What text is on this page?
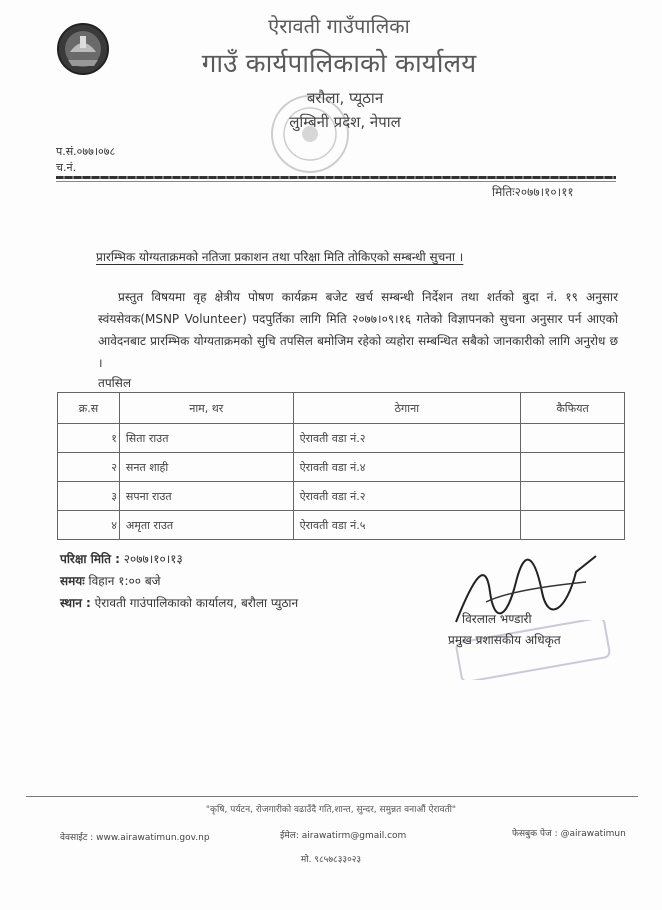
ऐरावती गाउँपालिका
गाउँ कार्यपालिकाको कार्यालय
बरौला, प्यूठान
लुम्बिनी प्रदेश, नेपाल
प.सं.०७७।०७८
च.नं.
मितिः२०७७।१०।११
प्रारम्भिक योग्यताक्रमको नतिजा प्रकाशन तथा परिक्षा मिति तोकिएको सम्बन्धी सुचना ।
प्रस्तुत विषयमा वृह क्षेत्रीय पोषण कार्यक्रम बजेट खर्च सम्बन्धी निर्देशन तथा शर्तको बुदा नं. १९ अनुसार स्वंयसेवक(MSNP Volunteer) पदपुर्तिका लागि मिति २०७७।०९।१६ गतेको विज्ञापनको सुचना अनुसार पर्न आएको आवेदनबाट प्रारम्भिक योग्यताक्रमको सुचि तपसिल बमोजिम रहेको व्यहोरा सम्बन्धित सबैको जानकारीको लागि अनुरोध छ ।
तपसिल
क्र.स	नाम, थर	ठेगाना	कैफियत
१	सिता राउत	ऐरावती वडा नं.२	
२	सनत शाही	ऐरावती वडा नं.४	
३	सपना राउत	ऐरावती वडा नं.२	
४	अमृता राउत	ऐरावती वडा नं.५	
परिक्षा मिति : २०७७।१०।१३
समयः विहान १:०० बजे
स्थान : ऐरावती गाउंपालिकाको कार्यालय, बरौला प्युठान
विरलाल भण्डारी
प्रमुख प्रशासकीय अधिकृत
"कृषि, पर्यटन, रोजगारीको वढाउँदै गति,शान्त, सुन्दर, समुन्नत वनाऔं ऐरावती"
वेवसाईट : www.airawatimun.gov.np	ईमेल: airawatirm@gmail.com	फेसबुक पेज : @airawatimun
मो. ९८५७८३३०२३
